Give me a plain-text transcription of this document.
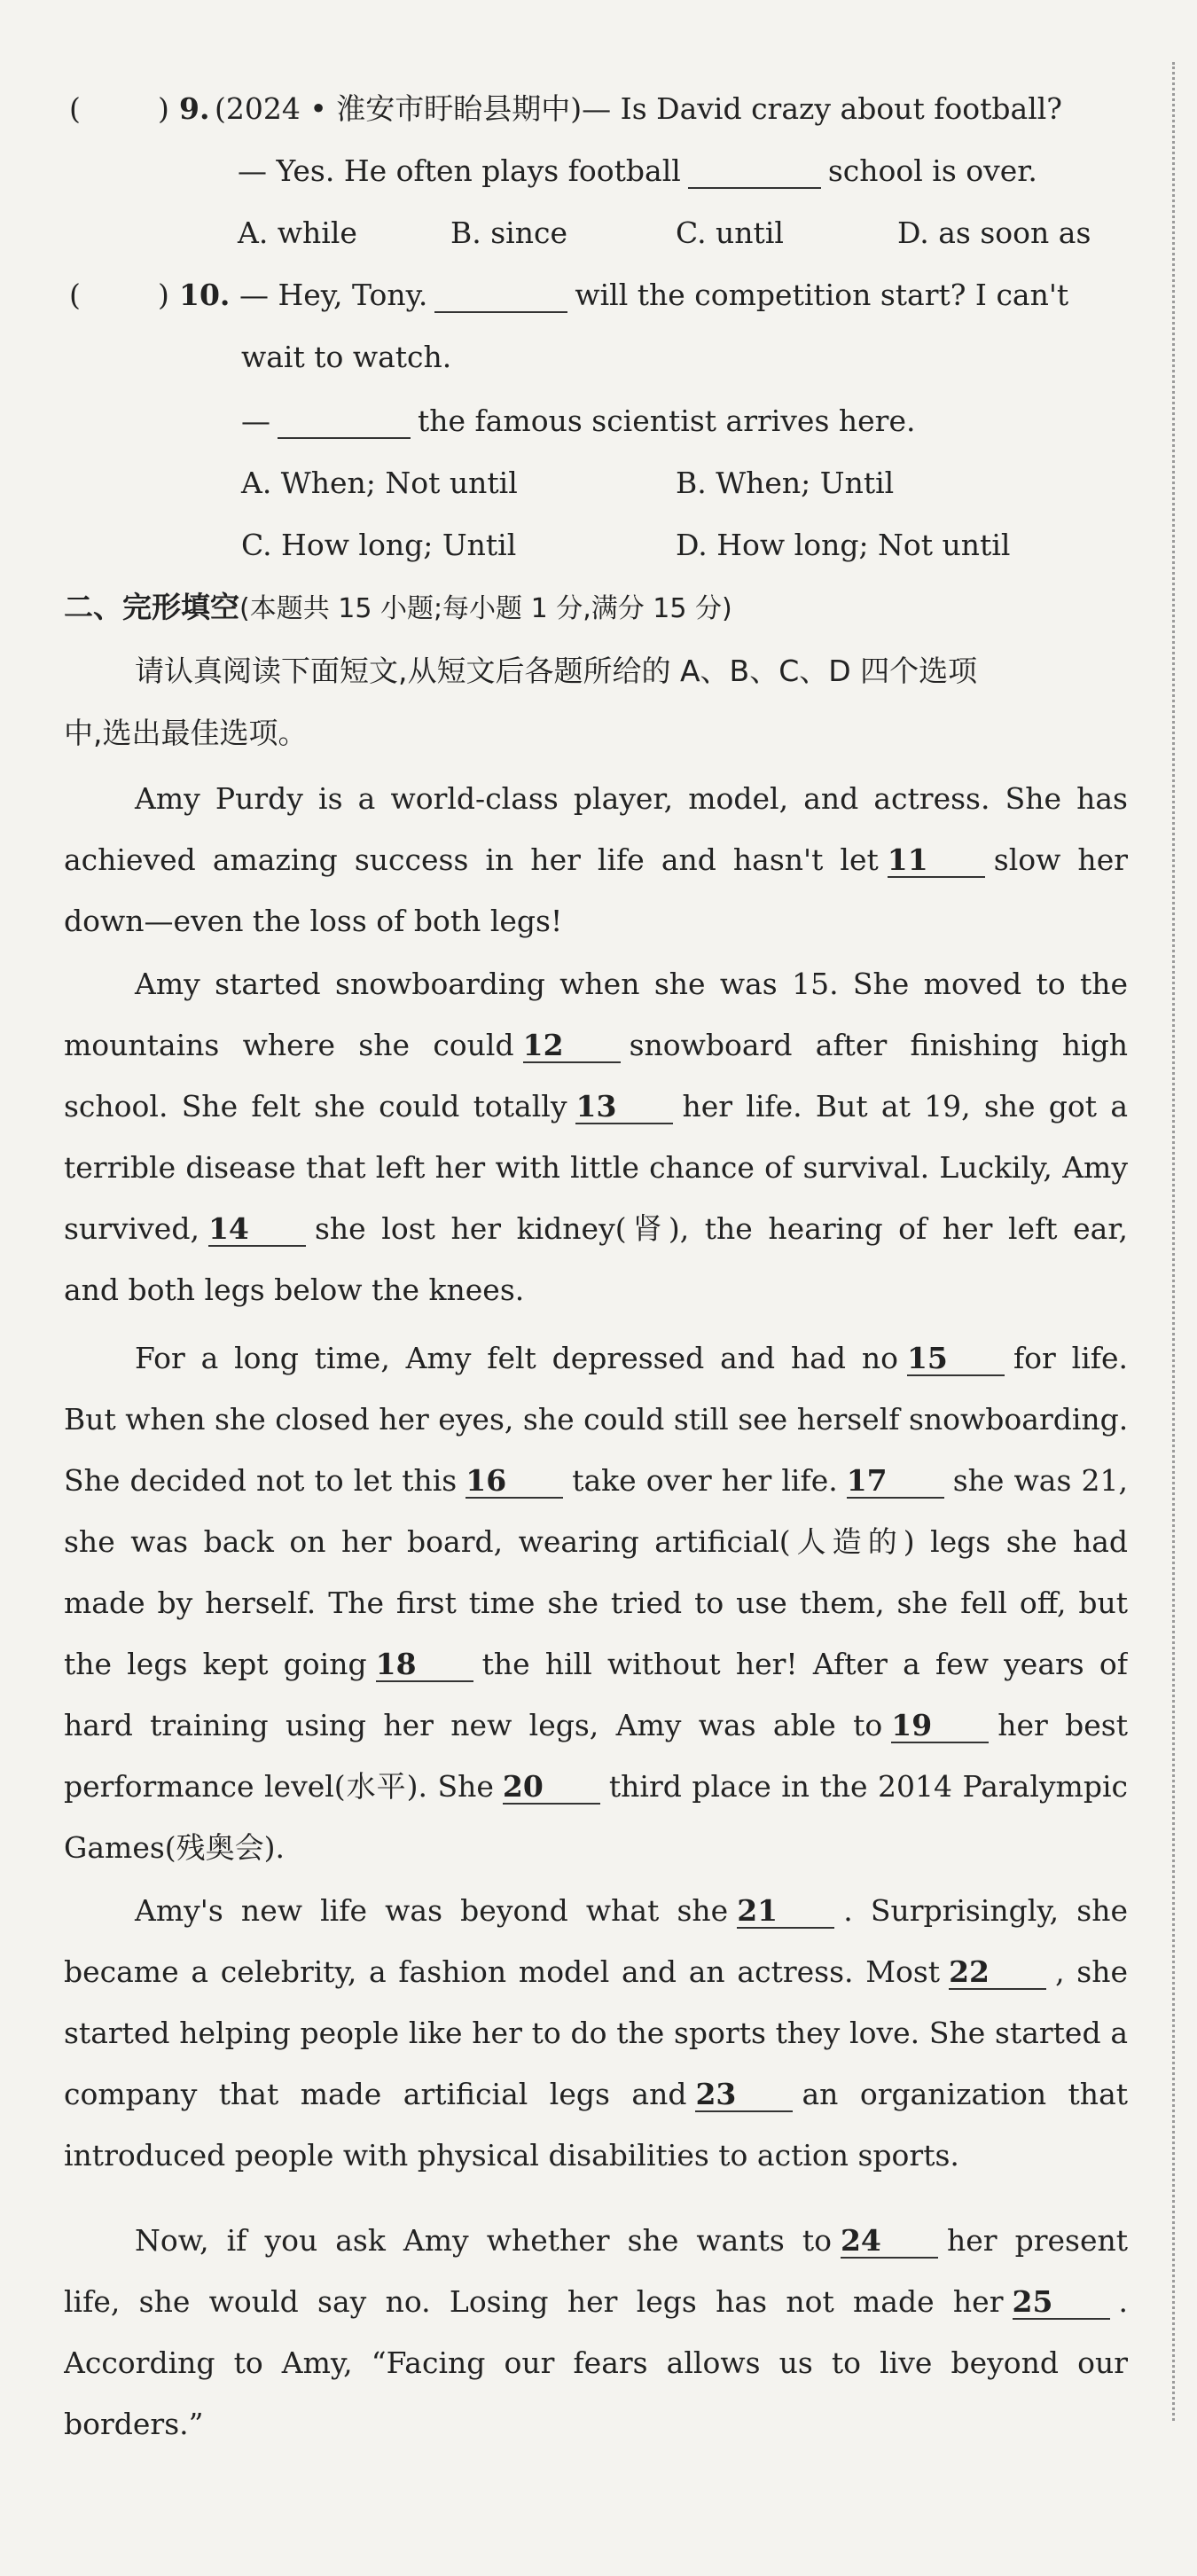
(	) 9. (2024 • 淮安市盱眙县期中)— Is David crazy about football?
— Yes. He often plays football	school is over.
A. while	B. since	C. until	D. as soon as
(	) 10. — Hey, Tony.	will the competition start? I can't
wait to watch.
—	the famous scientist arrives here.
A. When; Not until	B. When; Until
C. How long; Until	D. How long; Not until
二、完形填空(本题共 15 小题;每小题 1 分,满分 15 分)
请认真阅读下面短文,从短文后各题所给的 A、B、C、D 四个选项
中,选出最佳选项。
Amy Purdy is a world-class player, model, and actress. She has
achieved amazing success in her life and hasn't let 11 slow her
down—even the loss of both legs!
Amy started snowboarding when she was 15. She moved to the
mountains where she could 12 snowboard after finishing high
school. She felt she could totally 13 her life. But at 19, she got a
terrible disease that left her with little chance of survival. Luckily, Amy
survived, 14 she lost her kidney(肾), the hearing of her left ear,
and both legs below the knees.
For a long time, Amy felt depressed and had no 15 for life.
But when she closed her eyes, she could still see herself snowboarding.
She decided not to let this 16 take over her life. 17 she was 21,
she was back on her board, wearing artificial(人造的) legs she had
made by herself. The first time she tried to use them, she fell off, but
the legs kept going 18 the hill without her! After a few years of
hard training using her new legs, Amy was able to 19 her best
performance level(水平). She 20 third place in the 2014 Paralympic
Games(残奥会).
Amy's new life was beyond what she 21 . Surprisingly, she
became a celebrity, a fashion model and an actress. Most 22 , she
started helping people like her to do the sports they love. She started a
company that made artificial legs and 23 an organization that
introduced people with physical disabilities to action sports.
Now, if you ask Amy whether she wants to 24 her present
life, she would say no. Losing her legs has not made her 25 .
According to Amy, “Facing our fears allows us to live beyond our
borders.”
